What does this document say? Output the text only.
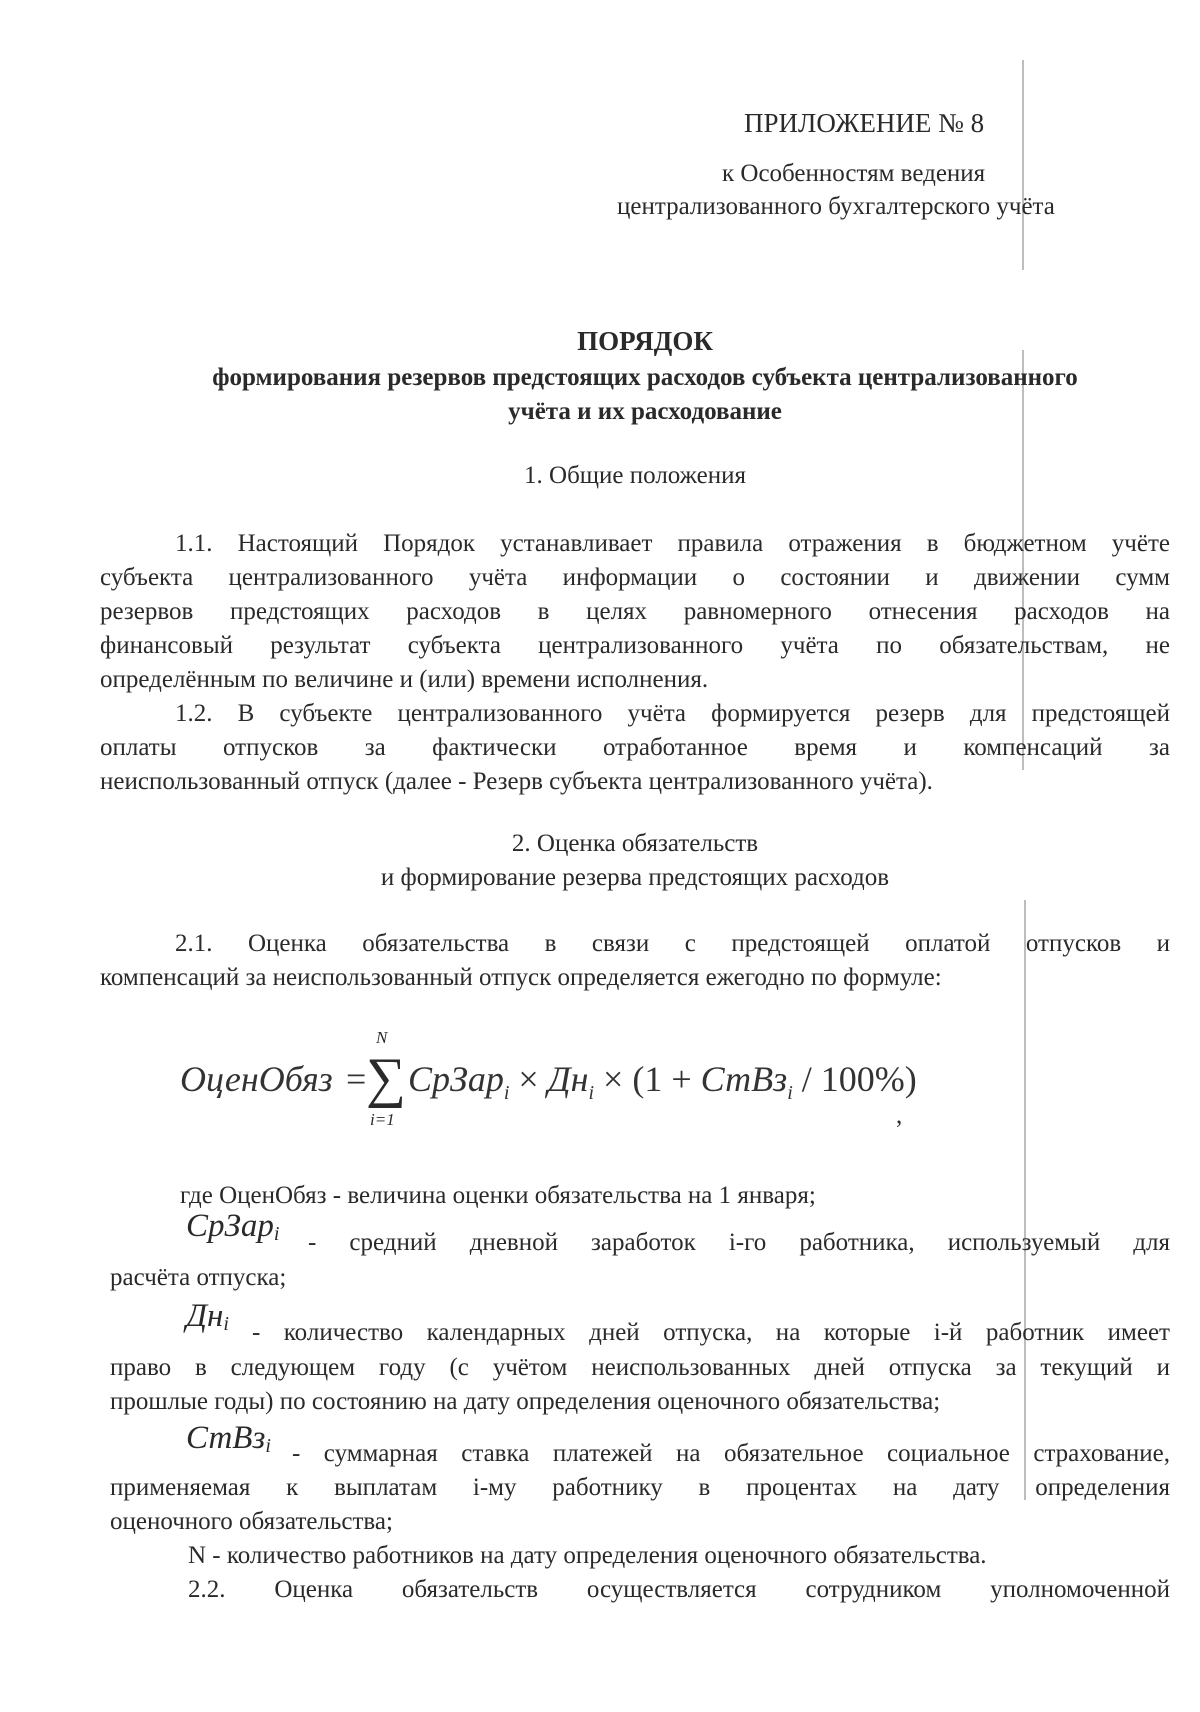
ПРИЛОЖЕНИЕ № 8
к Особенностям ведения
централизованного бухгалтерского учёта
ПОРЯДОК
формирования резервов предстоящих расходов субъекта централизованного
учёта и их расходование
1. Общие положения
1.1. Настоящий Порядок устанавливает правила отражения в бюджетном учёте
субъекта централизованного учёта информации о состоянии и движении сумм
резервов предстоящих расходов в целях равномерного отнесения расходов на
финансовый результат субъекта централизованного учёта по обязательствам, не
определённым по величине и (или) времени исполнения.
1.2. В субъекте централизованного учёта формируется резерв для предстоящей
оплаты отпусков за фактически отработанное время и компенсаций за
неиспользованный отпуск (далее - Резерв субъекта централизованного учёта).
2. Оценка обязательств
и формирование резерва предстоящих расходов
2.1. Оценка обязательства в связи с предстоящей оплатой отпусков и
компенсаций за неиспользованный отпуск определяется ежегодно по формуле:
ОценОбяз =
N
∑
i=1
СрЗар$_i$ × $Дн_i \times (1$ + СтВз$_i$ / 100%)
,
где ОценОбяз - величина оценки обязательства на 1 января;
СрЗар$_i$ - средний дневной заработок i-го работника, используемый для
расчёта отпуска;
$Дн_i$ - количество календарных дней отпуска, на которые i-й работник имеет
право в следующем году (с учётом неиспользованных дней отпуска за текущий и
прошлые годы) по состоянию на дату определения оценочного обязательства;
СтВз$_i$ - суммарная ставка платежей на обязательное социальное страхование,
применяемая к выплатам i-му работнику в процентах на дату определения
оценочного обязательства;
N - количество работников на дату определения оценочного обязательства.
2.2. Оценка обязательств осуществляется сотрудником уполномоченной
